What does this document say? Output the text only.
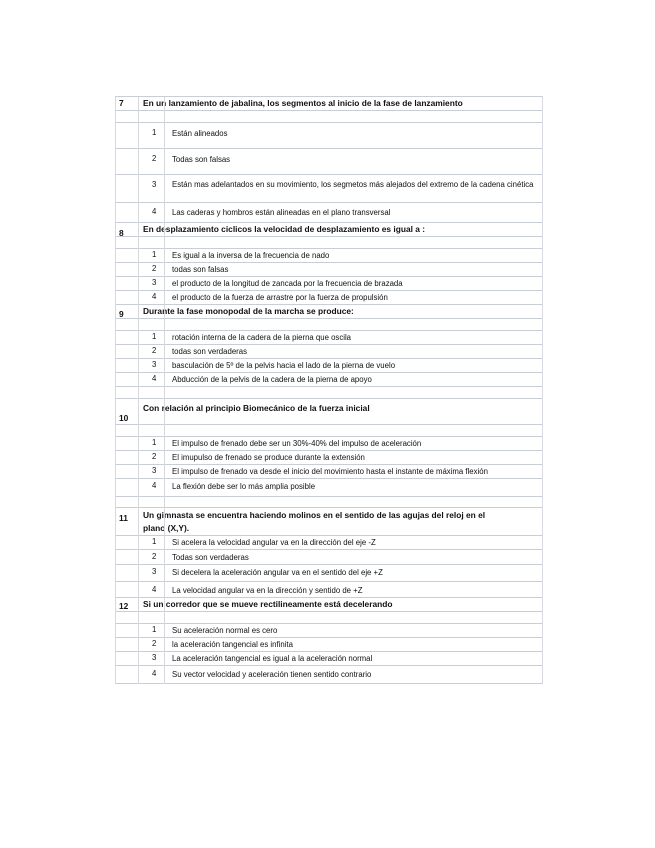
7 En un lanzamiento de jabalina, los segmentos al inicio de la fase de lanzamiento
1 Están alineados
2 Todas son falsas
3 Están mas adelantados en su movimiento, los segmetos más alejados del extremo de la cadena cinética
4 Las caderas y hombros están alineadas en el plano transversal
8 En desplazamiento ciclicos la velocidad de desplazamiento es igual a :
1 Es igual a la inversa de la frecuencia de nado
2 todas son falsas
3 el producto de la longitud de zancada por la frecuencia de brazada
4 el producto de la fuerza de arrastre por la fuerza de propulsión
9 Durante la fase monopodal de la marcha se produce:
1 rotación interna de la cadera de la pierna que oscila
2 todas son verdaderas
3 basculación de 5º de la pelvis hacia el lado de la pierna de vuelo
4 Abducción de la pelvis de la cadera de la pierna de apoyo
10
Con relación al principio Biomecánico de la fuerza inicial
1 El impulso de frenado debe ser un 30%-40% del impulso de aceleración
2 El imupulso de frenado se produce durante la extensión
3 El impulso de frenado va desde el inicio del movimiento hasta el instante de máxima flexión
4 La flexión debe ser lo más amplia posible
11 Un gimnasta se encuentra haciendo molinos en el sentido de las agujas del reloj en el plano (X,Y).
1 Si acelera la velocidad angular va en la dirección del eje -Z
2 Todas son verdaderas
3 Si decelera la aceleración angular va en el sentido del eje +Z
4 La velocidad angular va en la dirección y sentido de +Z
12 Si un corredor que se mueve rectilineamente está decelerando
1 Su aceleración normal es cero
2 la aceleración tangencial es infinita
3 La aceleración tangencial es igual a la aceleración normal
4 Su vector velocidad y aceleración tienen sentido contrario
